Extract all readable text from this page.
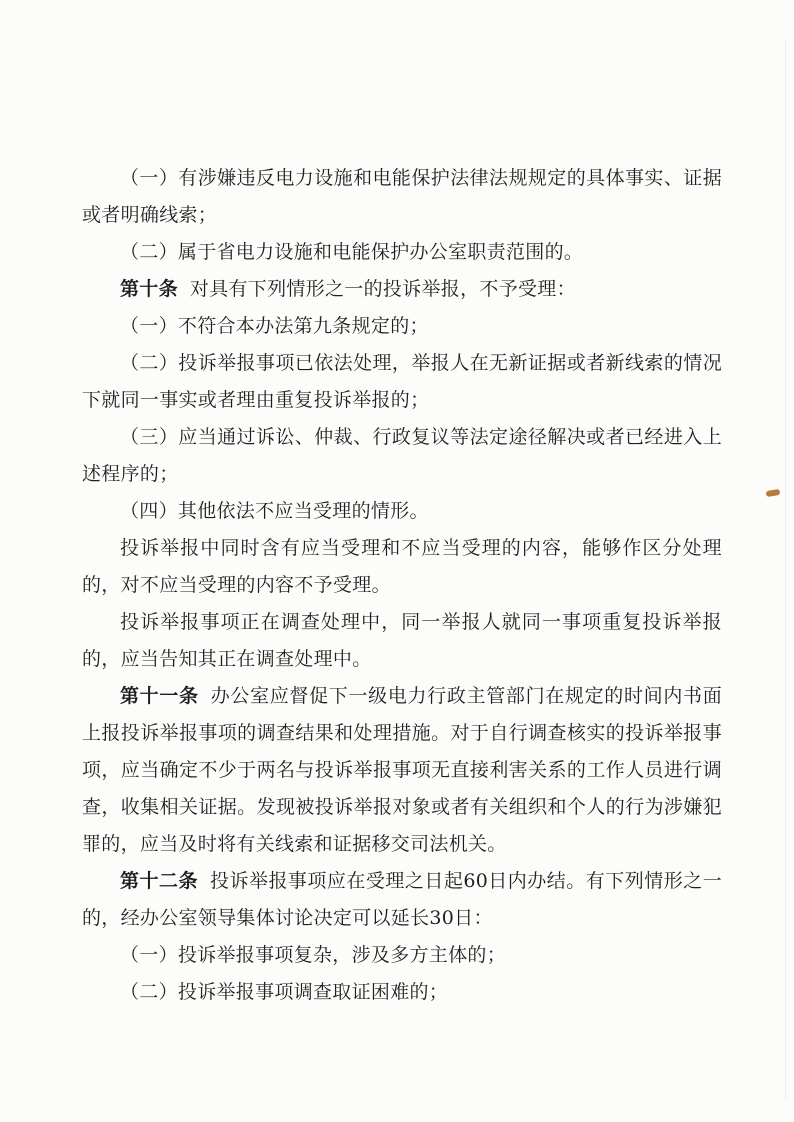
（一）有涉嫌违反电力设施和电能保护法律法规规定的具体事实、证据或者明确线索；

（二）属于省电力设施和电能保护办公室职责范围的。

第十条 对具有下列情形之一的投诉举报，不予受理：

（一）不符合本办法第九条规定的；

（二）投诉举报事项已依法处理，举报人在无新证据或者新线索的情况下就同一事实或者理由重复投诉举报的；

（三）应当通过诉讼、仲裁、行政复议等法定途径解决或者已经进入上述程序的；

（四）其他依法不应当受理的情形。

投诉举报中同时含有应当受理和不应当受理的内容，能够作区分处理的，对不应当受理的内容不予受理。

投诉举报事项正在调查处理中，同一举报人就同一事项重复投诉举报的，应当告知其正在调查处理中。

第十一条 办公室应督促下一级电力行政主管部门在规定的时间内书面上报投诉举报事项的调查结果和处理措施。对于自行调查核实的投诉举报事项，应当确定不少于两名与投诉举报事项无直接利害关系的工作人员进行调查，收集相关证据。发现被投诉举报对象或者有关组织和个人的行为涉嫌犯罪的，应当及时将有关线索和证据移交司法机关。

第十二条 投诉举报事项应在受理之日起60日内办结。有下列情形之一的，经办公室领导集体讨论决定可以延长30日：

（一）投诉举报事项复杂，涉及多方主体的；

（二）投诉举报事项调查取证困难的；
